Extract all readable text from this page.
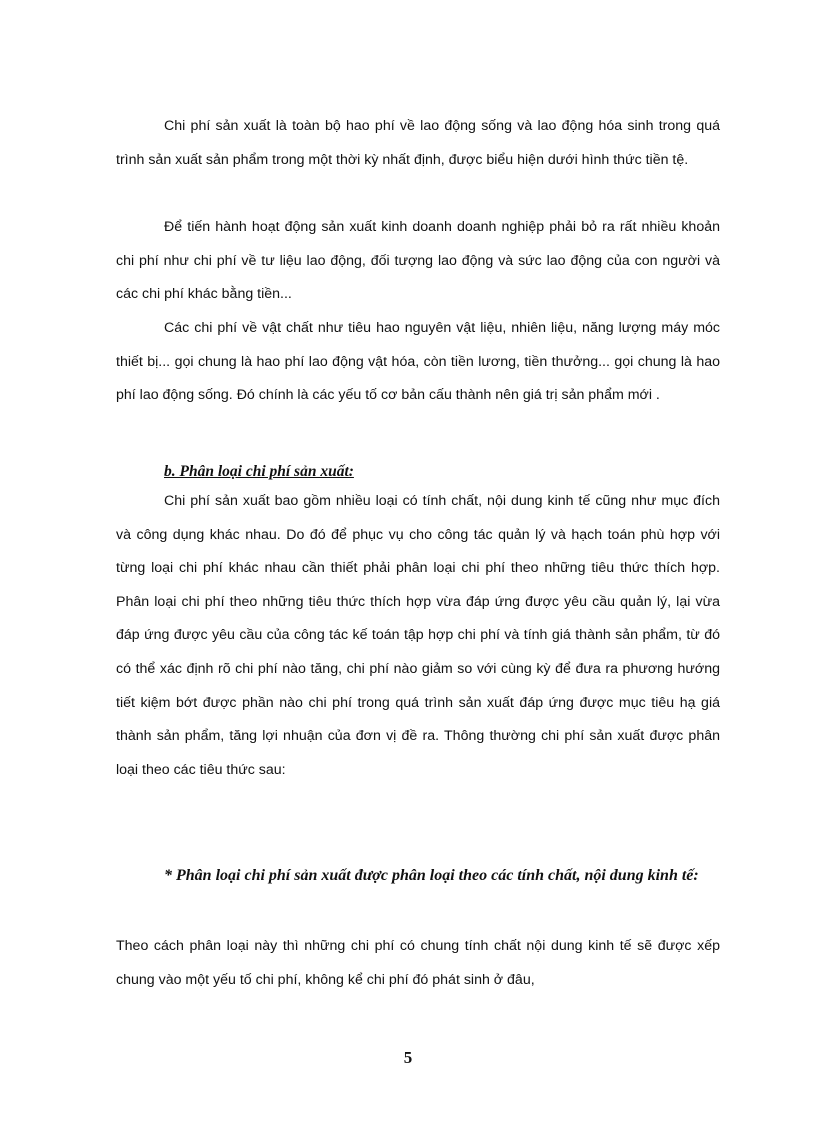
Chi phí sản xuất là toàn bộ hao phí về lao động sống và lao động hóa sinh trong quá trình sản xuất sản phẩm trong một thời kỳ nhất định, được biểu hiện dưới hình thức tiền tệ.

Để tiến hành hoạt động sản xuất kinh doanh doanh nghiệp phải bỏ ra rất nhiều khoản chi phí như chi phí về tư liệu lao động, đối tượng lao động và sức lao động của con người và các chi phí khác bằng tiền...

Các chi phí về vật chất như tiêu hao nguyên vật liệu, nhiên liệu, năng lượng máy móc thiết bị... gọi chung là hao phí lao động vật hóa, còn tiền lương, tiền thưởng... gọi chung là hao phí lao động sống. Đó chính là các yếu tố cơ bản cấu thành nên giá trị sản phẩm mới .

b. Phân loại chi phí sản xuất:

Chi phí sản xuất bao gồm nhiều loại có tính chất, nội dung kinh tế cũng như mục đích và công dụng khác nhau. Do đó để phục vụ cho công tác quản lý và hạch toán phù hợp với từng loại chi phí khác nhau cần thiết phải phân loại chi phí theo những tiêu thức thích hợp. Phân loại chi phí theo những tiêu thức thích hợp vừa đáp ứng được yêu cầu quản lý, lại vừa đáp ứng được yêu cầu của công tác kế toán tập hợp chi phí và tính giá thành sản phẩm, từ đó có thể xác định rõ chi phí nào tăng, chi phí nào giảm so với cùng kỳ để đưa ra phương hướng tiết kiệm bớt được phần nào chi phí trong quá trình sản xuất đáp ứng được mục tiêu hạ giá thành sản phẩm, tăng lợi nhuận của đơn vị đề ra. Thông thường chi phí sản xuất được phân loại theo các tiêu thức sau:

* Phân loại chi phí sản xuất được phân loại theo các tính chất, nội dung kinh tế:

Theo cách phân loại này thì những chi phí có chung tính chất nội dung kinh tế sẽ được xếp chung vào một yếu tố chi phí, không kể chi phí đó phát sinh ở đâu,

5
